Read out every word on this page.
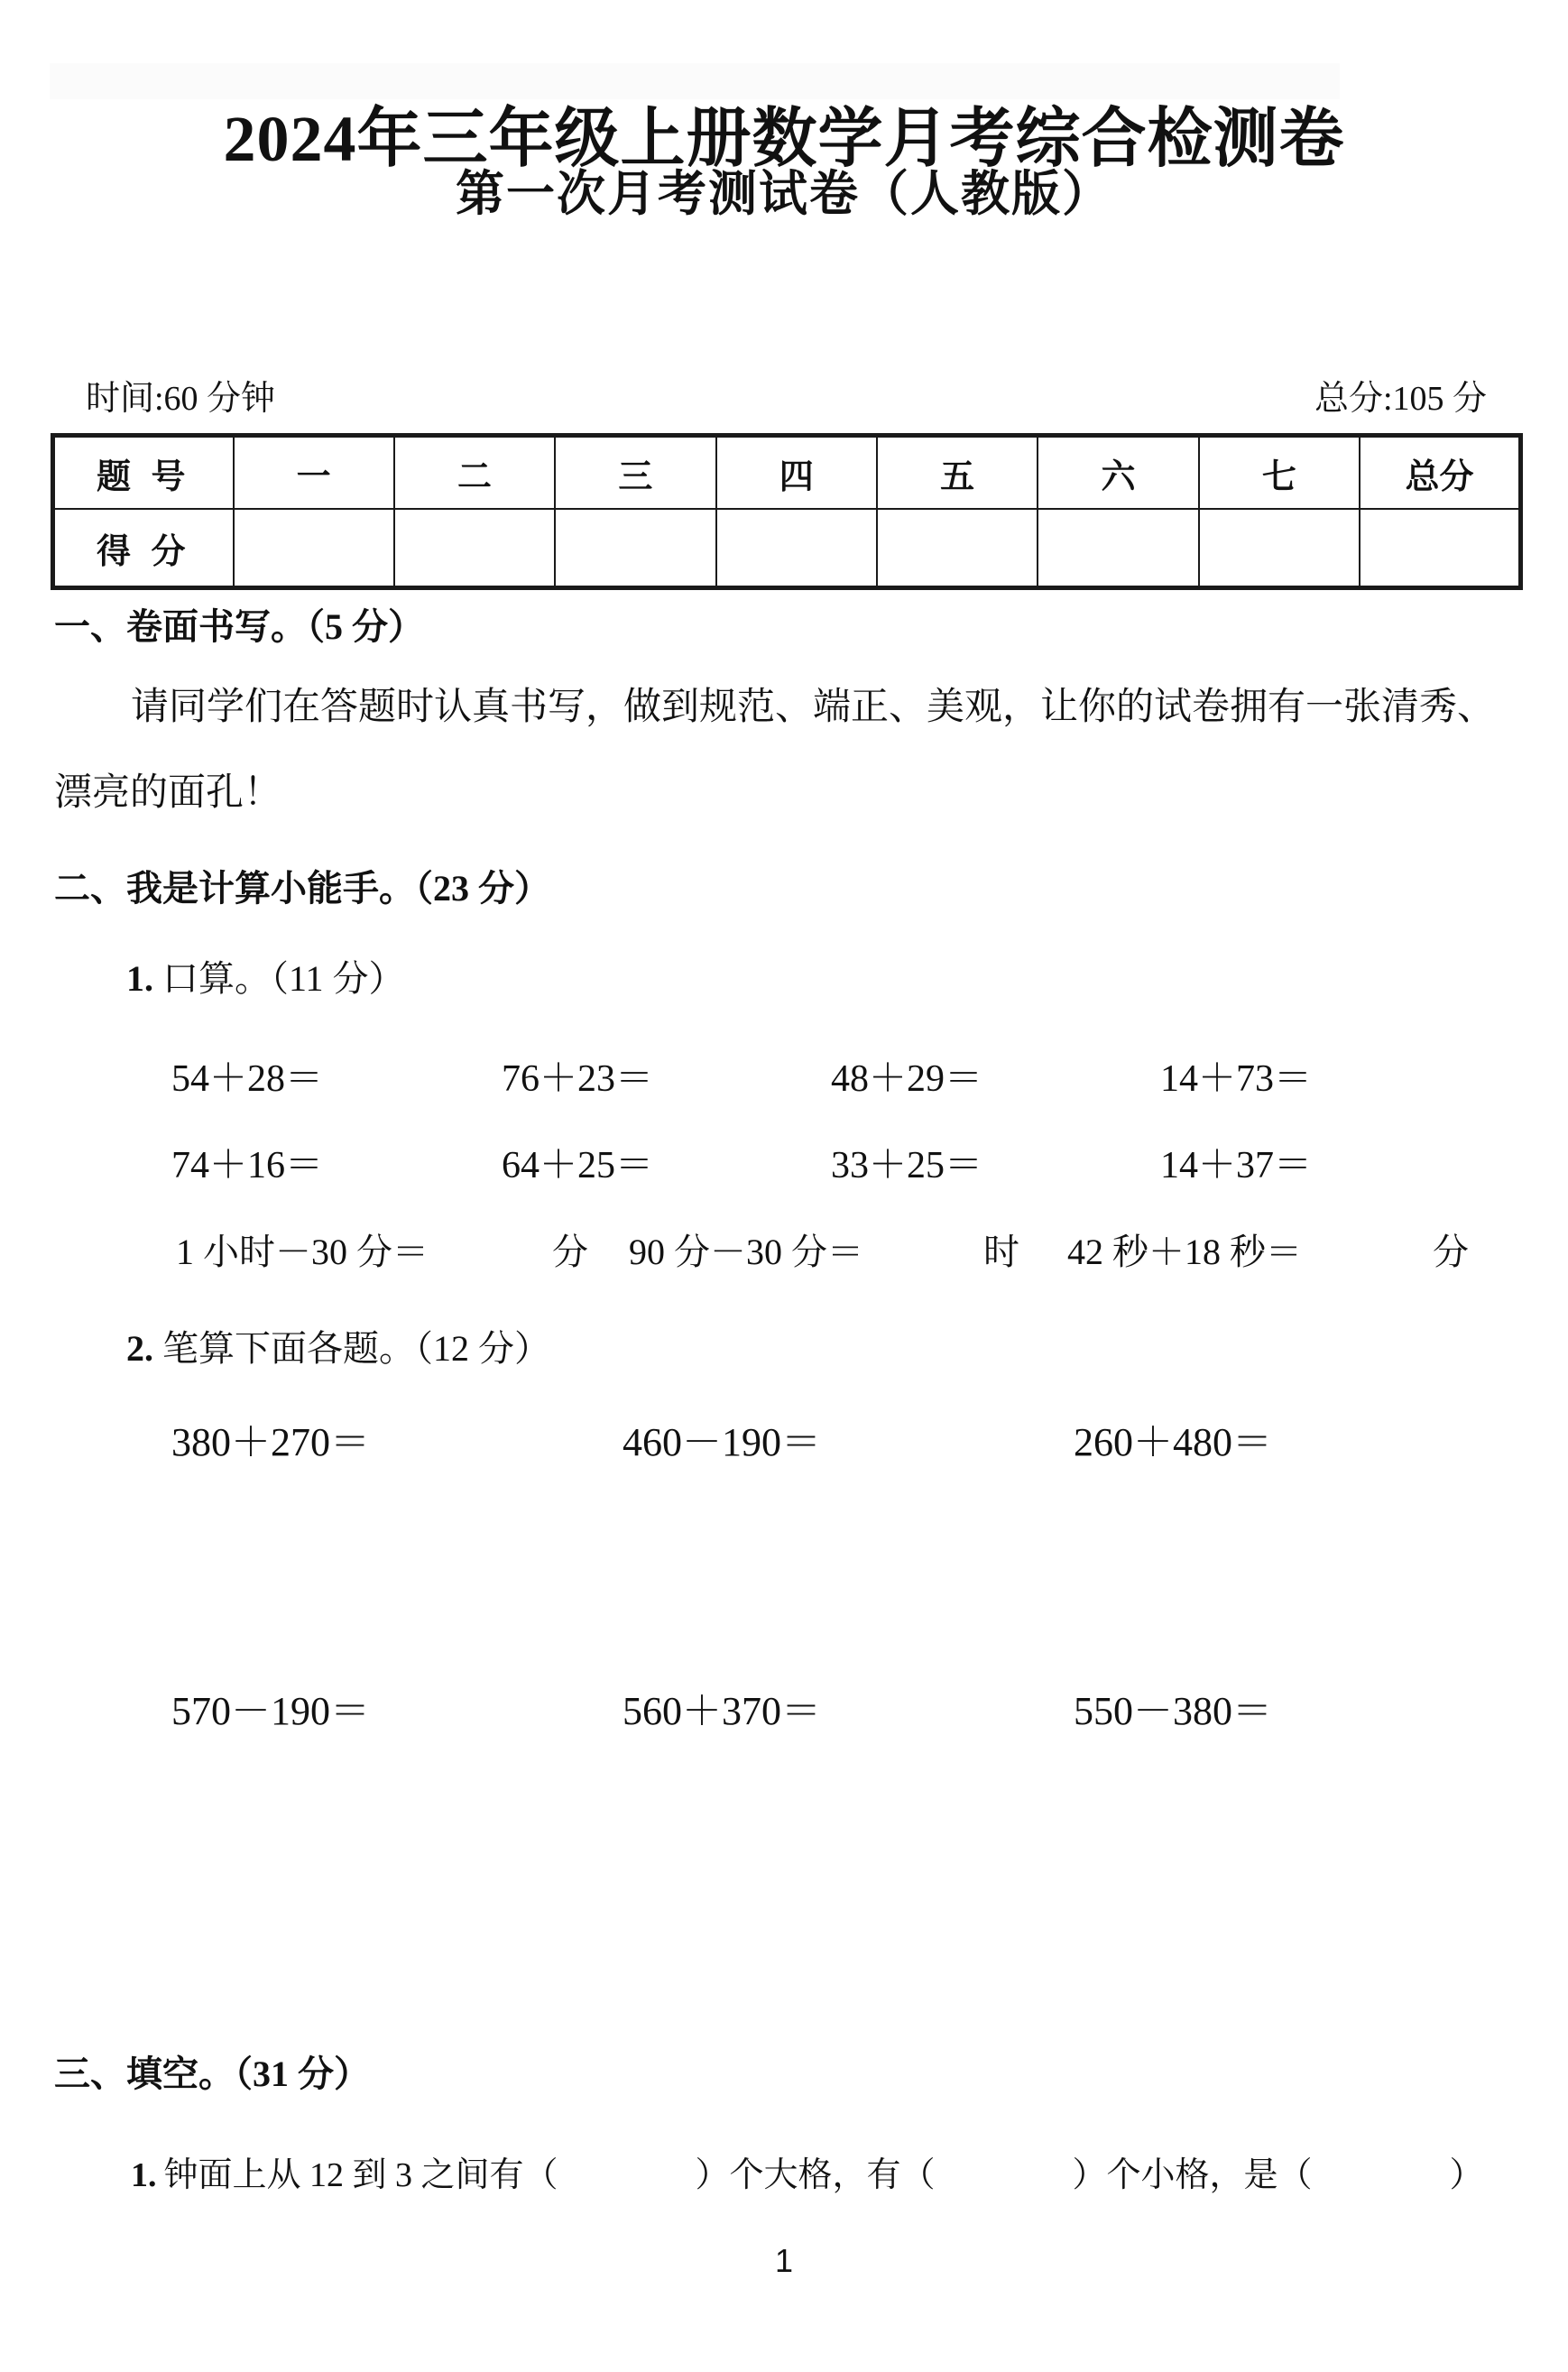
2024年三年级上册数学月考综合检测卷
第一次月考测试卷（人教版）
时间:60 分钟	总分:105 分
题 号	一	二	三	四	五	六	七	总分
得 分								
一、卷面书写。（5 分）
请同学们在答题时认真书写，做到规范、端正、美观，让你的试卷拥有一张清秀、
漂亮的面孔！
二、我是计算小能手。（23 分）
1. 口算。（11 分）
54＋28＝	76＋23＝	48＋29＝	14＋73＝
74＋16＝	64＋25＝	33＋25＝	14＋37＝
1 小时－30 分＝	分 90 分－30 分＝	时 42 秒＋18 秒＝	分
2. 笔算下面各题。（12 分）
380＋270＝	460－190＝	260＋480＝
570－190＝	560＋370＝	550－380＝
三、填空。（31 分）
1. 钟面上从 12 到 3 之间有（　　　　）个大格，有（　　　　）个小格，是（　　　　）
1
